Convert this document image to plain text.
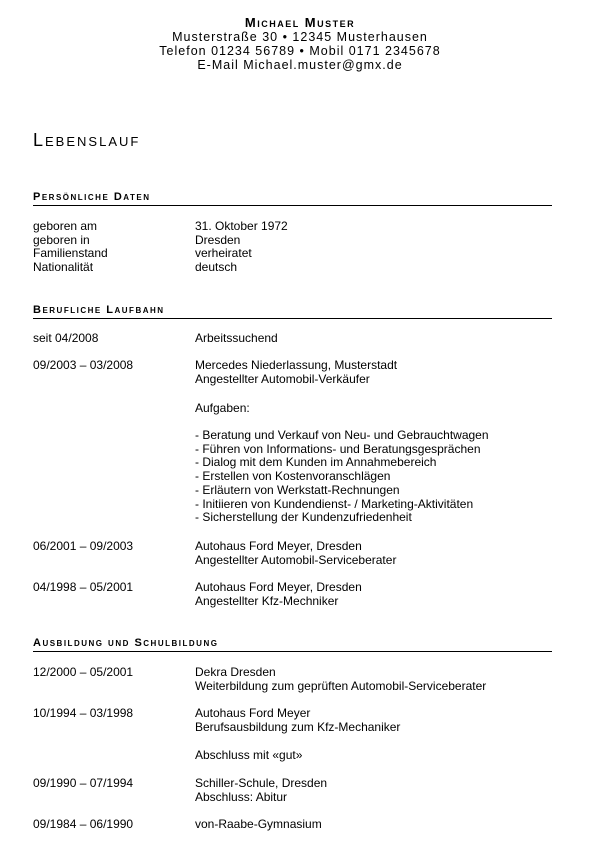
Michael Muster
Musterstraße 30 • 12345 Musterhausen
Telefon 01234 56789 • Mobil 0171 2345678
E-Mail Michael.muster@gmx.de
Lebenslauf
Persönliche Daten
geboren am	31. Oktober 1972
geboren in	Dresden
Familienstand	verheiratet
Nationalität	deutsch
Berufliche Laufbahn
seit 04/2008	Arbeitssuchend
09/2003 – 03/2008	Mercedes Niederlassung, Musterstadt
Angestellter Automobil-Verkäufer
Aufgaben:
- Beratung und Verkauf von Neu- und Gebrauchtwagen
- Führen von Informations- und Beratungsgesprächen
- Dialog mit dem Kunden im Annahmebereich
- Erstellen von Kostenvoranschlägen
- Erläutern von Werkstatt-Rechnungen
- Initiieren von Kundendienst- / Marketing-Aktivitäten
- Sicherstellung der Kundenzufriedenheit
06/2001 – 09/2003	Autohaus Ford Meyer, Dresden
Angestellter Automobil-Serviceberater
04/1998 – 05/2001	Autohaus Ford Meyer, Dresden
Angestellter Kfz-Mechniker
Ausbildung und Schulbildung
12/2000 – 05/2001	Dekra Dresden
Weiterbildung zum geprüften Automobil-Serviceberater
10/1994 – 03/1998	Autohaus Ford Meyer
Berufsausbildung zum Kfz-Mechaniker
Abschluss mit «gut»
09/1990 – 07/1994	Schiller-Schule, Dresden
Abschluss: Abitur
09/1984 – 06/1990	von-Raabe-Gymnasium
